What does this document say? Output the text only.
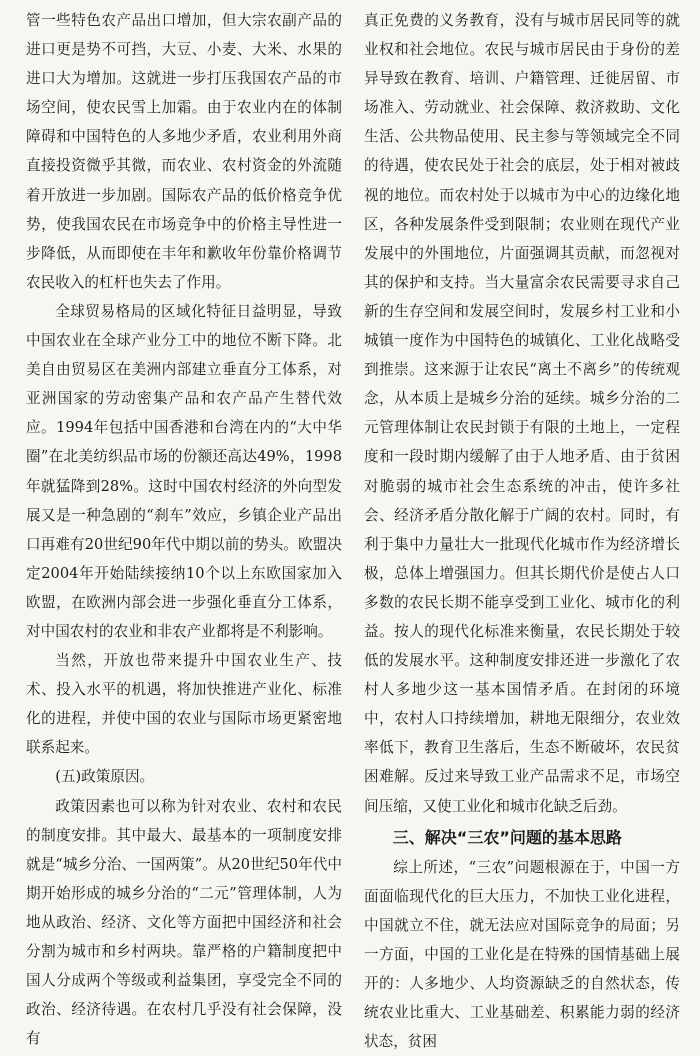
管一些特色农产品出口增加，但大宗农副产品的进口更是势不可挡，大豆、小麦、大米、水果的进口大为增加。这就进一步打压我国农产品的市场空间，使农民雪上加霜。由于农业内在的体制障碍和中国特色的人多地少矛盾，农业利用外商直接投资微乎其微，而农业、农村资金的外流随着开放进一步加剧。国际农产品的低价格竞争优势，使我国农民在市场竞争中的价格主导性进一步降低，从而即使在丰年和歉收年份靠价格调节农民收入的杠杆也失去了作用。

全球贸易格局的区域化特征日益明显，导致中国农业在全球产业分工中的地位不断下降。北美自由贸易区在美洲内部建立垂直分工体系，对亚洲国家的劳动密集产品和农产品产生替代效应。1994年包括中国香港和台湾在内的“大中华圈”在北美纺织品市场的份额还高达49%，1998年就猛降到28%。这时中国农村经济的外向型发展又是一种急剧的“刹车”效应，乡镇企业产品出口再难有20世纪90年代中期以前的势头。欧盟决定2004年开始陆续接纳10个以上东欧国家加入欧盟，在欧洲内部会进一步强化垂直分工体系，对中国农村的农业和非农产业都将是不利影响。

当然，开放也带来提升中国农业生产、技术、投入水平的机遇，将加快推进产业化、标准化的进程，并使中国的农业与国际市场更紧密地联系起来。

(五)政策原因。

政策因素也可以称为针对农业、农村和农民的制度安排。其中最大、最基本的一项制度安排就是“城乡分治、一国两策”。从20世纪50年代中期开始形成的城乡分治的“二元”管理体制，人为地从政治、经济、文化等方面把中国经济和社会分割为城市和乡村两块。靠严格的户籍制度把中国人分成两个等级或利益集团，享受完全不同的政治、经济待遇。在农村几乎没有社会保障，没有

真正免费的义务教育，没有与城市居民同等的就业权和社会地位。农民与城市居民由于身份的差异导致在教育、培训、户籍管理、迁徙居留、市场准入、劳动就业、社会保障、救济救助、文化生活、公共物品使用、民主参与等领域完全不同的待遇，使农民处于社会的底层，处于相对被歧视的地位。而农村处于以城市为中心的边缘化地区，各种发展条件受到限制；农业则在现代产业发展中的外围地位，片面强调其贡献，而忽视对其的保护和支持。当大量富余农民需要寻求自己新的生存空间和发展空间时，发展乡村工业和小城镇一度作为中国特色的城镇化、工业化战略受到推崇。这来源于让农民“离土不离乡”的传统观念，从本质上是城乡分治的延续。城乡分治的二元管理体制让农民封锁于有限的土地上，一定程度和一段时期内缓解了由于人地矛盾、由于贫困对脆弱的城市社会生态系统的冲击，使许多社会、经济矛盾分散化解于广阔的农村。同时，有利于集中力量壮大一批现代化城市作为经济增长极，总体上增强国力。但其长期代价是使占人口多数的农民长期不能享受到工业化、城市化的利益。按人的现代化标准来衡量，农民长期处于较低的发展水平。这种制度安排还进一步激化了农村人多地少这一基本国情矛盾。在封闭的环境中，农村人口持续增加，耕地无限细分，农业效率低下，教育卫生落后，生态不断破坏，农民贫困难解。反过来导致工业产品需求不足，市场空间压缩，又使工业化和城市化缺乏后劲。

三、解决“三农”问题的基本思路

综上所述，“三农”问题根源在于，中国一方面面临现代化的巨大压力，不加快工业化进程，中国就立不住，就无法应对国际竞争的局面；另一方面，中国的工业化是在特殊的国情基础上展开的：人多地少、人均资源缺乏的自然状态，传统农业比重大、工业基础差、积累能力弱的经济状态，贫困
